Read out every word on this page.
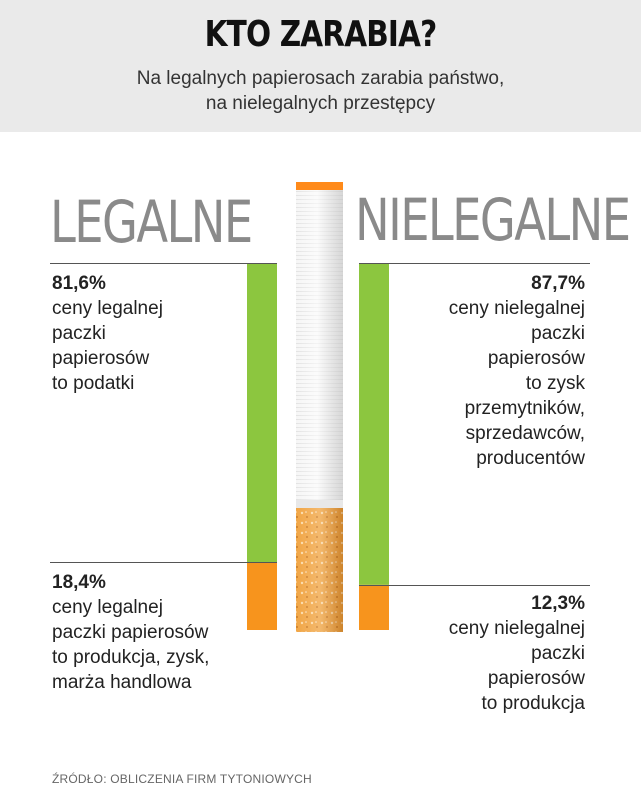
KTO ZARABIA?
Na legalnych papierosach zarabia państwo,
na nielegalnych przestępcy
LEGALNE NIELEGALNE
81,6%
ceny legalnej
paczki
papierosów
to podatki
18,4%
ceny legalnej
paczki papierosów
to produkcja, zysk,
marża handlowa
87,7%
ceny nielegalnej
paczki
papierosów
to zysk
przemytników,
sprzedawców,
producentów
12,3%
ceny nielegalnej
paczki
papierosów
to produkcja
ŹRÓDŁO: OBLICZENIA FIRM TYTONIOWYCH
